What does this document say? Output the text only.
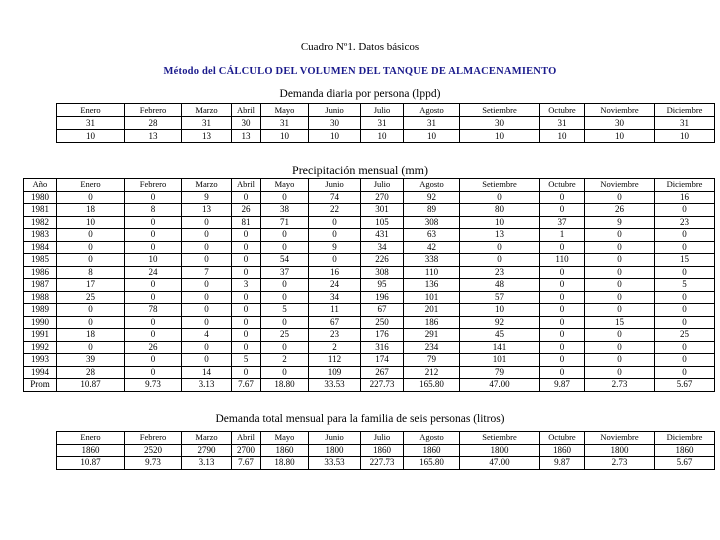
Cuadro Nº1. Datos básicos
Método del CÁLCULO DEL VOLUMEN DEL TANQUE DE ALMACENAMIENTO
Demanda diaria por persona (lppd)
Enero	Febrero	Marzo	Abril	Mayo	Junio	Julio	Agosto	Setiembre	Octubre	Noviembre	Diciembre
31	28	31	30	31	30	31	31	30	31	30	31
10	13	13	13	10	10	10	10	10	10	10	10
Precipitación mensual (mm)
Año	Enero	Febrero	Marzo	Abril	Mayo	Junio	Julio	Agosto	Setiembre	Octubre	Noviembre	Diciembre
1980	0	0	9	0	0	74	270	92	0	0	0	16
1981	18	8	13	26	38	22	301	89	80	0	26	0
1982	10	0	0	81	71	0	105	308	10	37	9	23
1983	0	0	0	0	0	0	431	63	13	1	0	0
1984	0	0	0	0	0	9	34	42	0	0	0	0
1985	0	10	0	0	54	0	226	338	0	110	0	15
1986	8	24	7	0	37	16	308	110	23	0	0	0
1987	17	0	0	3	0	24	95	136	48	0	0	5
1988	25	0	0	0	0	34	196	101	57	0	0	0
1989	0	78	0	0	5	11	67	201	10	0	0	0
1990	0	0	0	0	0	67	250	186	92	0	15	0
1991	18	0	4	0	25	23	176	291	45	0	0	25
1992	0	26	0	0	0	2	316	234	141	0	0	0
1993	39	0	0	5	2	112	174	79	101	0	0	0
1994	28	0	14	0	0	109	267	212	79	0	0	0
Prom	10.87	9.73	3.13	7.67	18.80	33.53	227.73	165.80	47.00	9.87	2.73	5.67
Demanda total mensual para la familia de seis personas (litros)
Enero	Febrero	Marzo	Abril	Mayo	Junio	Julio	Agosto	Setiembre	Octubre	Noviembre	Diciembre
1860	2520	2790	2700	1860	1800	1860	1860	1800	1860	1800	1860
10.87	9.73	3.13	7.67	18.80	33.53	227.73	165.80	47.00	9.87	2.73	5.67
